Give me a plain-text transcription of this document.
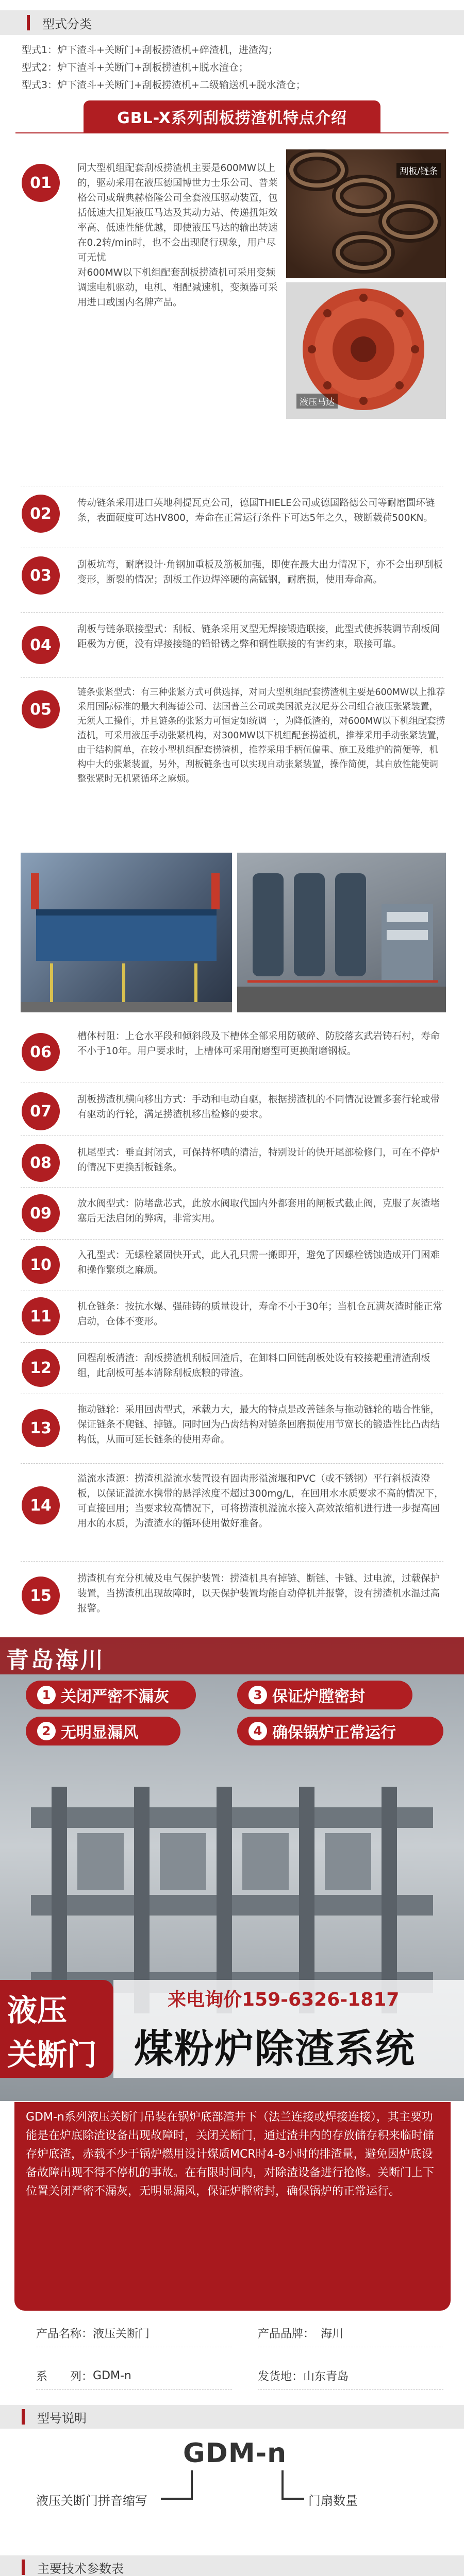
型式分类
型式1：炉下渣斗+关断门+刮板捞渣机+碎渣机，进渣沟；
型式2：炉下渣斗+关断门+刮板捞渣机+脱水渣仓；
型式3：炉下渣斗+关断门+刮板捞渣机+二级输送机+脱水渣仓；
GBL-X系列刮板捞渣机特点介绍
01
同大型机组配套刮板捞渣机主要是600MW以上的，驱动采用在液压德国博世力士乐公司、普莱格公司或瑞典赫格隆公司全套液压驱动装置，包括低速大扭矩液压马达及其动力站、传递扭矩效率高、低速性能优越，即使液压马达的输出转速在0.2转/min时，也不会出现爬行现象，用户尽可无忧
对600MW以下机组配套刮板捞渣机可采用变频调速电机驱动，电机、相配减速机，变频器可采用进口或国内名牌产品。
刮板/链条
液压马达
02
传动链条采用进口英地利提瓦克公司，德国THIELE公司或德国路德公司等耐磨圆环链条，表面硬度可达HV800，寿命在正常运行条件下可达5年之久，破断载荷500KN。
03
刮板坑弯，耐磨设计·角钢加重板及筋板加强，即使在最大出力情况下，亦不会出现刮板变形，断裂的情况；刮板工作边焊淬硬的高锰钢，耐磨损，使用寿命高。
04
刮板与链条联接型式：刮板、链条采用叉型无焊接锻造联接，此型式使拆装调节刮板间距极为方便，没有焊接接缝的铅铅锈之弊和钢性联接的有害约束，联接可靠。
05
链条张紧型式：有三种张紧方式可供选择，对同大型机组配套捞渣机主要是600MW以上推荐采用国际标准的最大利海德公司、法国普兰公司或美国派克汉尼芬公司组合液压张紧装置，无须人工操作，并且链条的张紧力可恒定如统调一，为降低渣的，对600MW以下机组配套捞渣机，可采用液压手动张紧机构，对300MW以下机组配套捞渣机，推荐采用手动张紧装置，由于结构简单，在较小型机组配套捞渣机，推荐采用手柄伍偏重、施工及维护的简便等，机构中大的张紧装置，另外，刮板链条也可以实现自动张紧装置，操作简便，其自放性能使调整张紧时无机紧循环之麻烦。
06
槽体村阻：上仓水平段和倾斜段及下槽体全部采用防破碎、防胶落玄武岩铸石村，寿命不小于10年。用户要求时，上槽体可采用耐磨型可更换耐磨钢板。
07
刮板捞渣机横向移出方式：手动和电动自驱，根据捞渣机的不同情况设置多套行轮或带有驱动的行轮，满足捞渣机移出检修的要求。
08
机尾型式：垂直封闭式，可保持杯嗔的清洁，特别设计的快开尾部检修门，可在不停炉的情况下更换刮板链条。
09
放水阀型式：防堵盘芯式，此放水阀取代国内外都套用的闸板式截止阀，克服了灰渣堵塞后无法启闭的弊病，非常实用。
10
入孔型式：无螺栓紧固快开式，此人孔只需一搬即开，避免了因螺栓锈蚀造成开门困难和操作繁琐之麻烦。
11
机仓链条：按抗水爆、强硅铸的质量设计，寿命不小于30年；当机仓瓦满灰渣时能正常启动，仓体不变形。
12
回程刮板清渣：刮板捞渣机刮板回渣后，在卸料口回链刮板处设有较接耙重清渣刮板组，此刮板可基本清除刮板底粮的带渣。
13
拖动链轮：采用回齿型式，承载力大，最大的特点是改善链条与拖动链轮的啮合性能，保证链条不爬链、掉链。同时回为凸齿结构对链条回磨损使用节宽长的锻造性比凸齿结构低，从而可延长链条的使用寿命。
14
溢流水渣源：捞渣机溢流水装置设有固齿形溢流堰和PVC（或不锈钢）平行斜板渣澄板，以保证溢流水携带的悬浮浓度不超过300mg/L，在回用水水质要求不高的情况下，可直接回用；当要求较高情况下，可将捞渣机溢流水接入高效浓缩机进行进一步提高回用水的水质，为渣渣水的循环使用做好准备。
15
捞渣机有充分机械及电气保护装置：捞渣机具有掉链、断链、卡链、过电流，过载保护装置，当捞渣机出现故障时，以天保护装置均能自动停机并报警，设有捞渣机水温过高报警。
青岛海川
1 关闭严密不漏灰	3 保证炉膛密封
2 无明显漏风	4 确保锅炉正常运行
液压
关断门
来电询价159-6326-1817
煤粉炉除渣系统
GDM-n系列液压关断门吊装在锅炉底部渣井下（法兰连接或焊接连接），其主要功能是在炉底除渣设备出现故障时，关闭关断门，通过渣井内的存放储存积来临时储存炉底渣，赤载不少于锅炉燃用设计煤质MCR时4-8小时的排渣量，避免因炉底设备故障出现不得不停机的事故。在有限时间内，对除渣设备进行抢修。关断门上下位置关闭严密不漏灰，无明显漏风，保证炉膛密封，确保锅炉的正常运行。
产品名称： 液压关断门	产品品牌： 海川
系　　列： GDM-n	发货地： 山东青岛
型号说明
GDM-n
液压关断门拼音缩写	门扇数量
主要技术参数表
